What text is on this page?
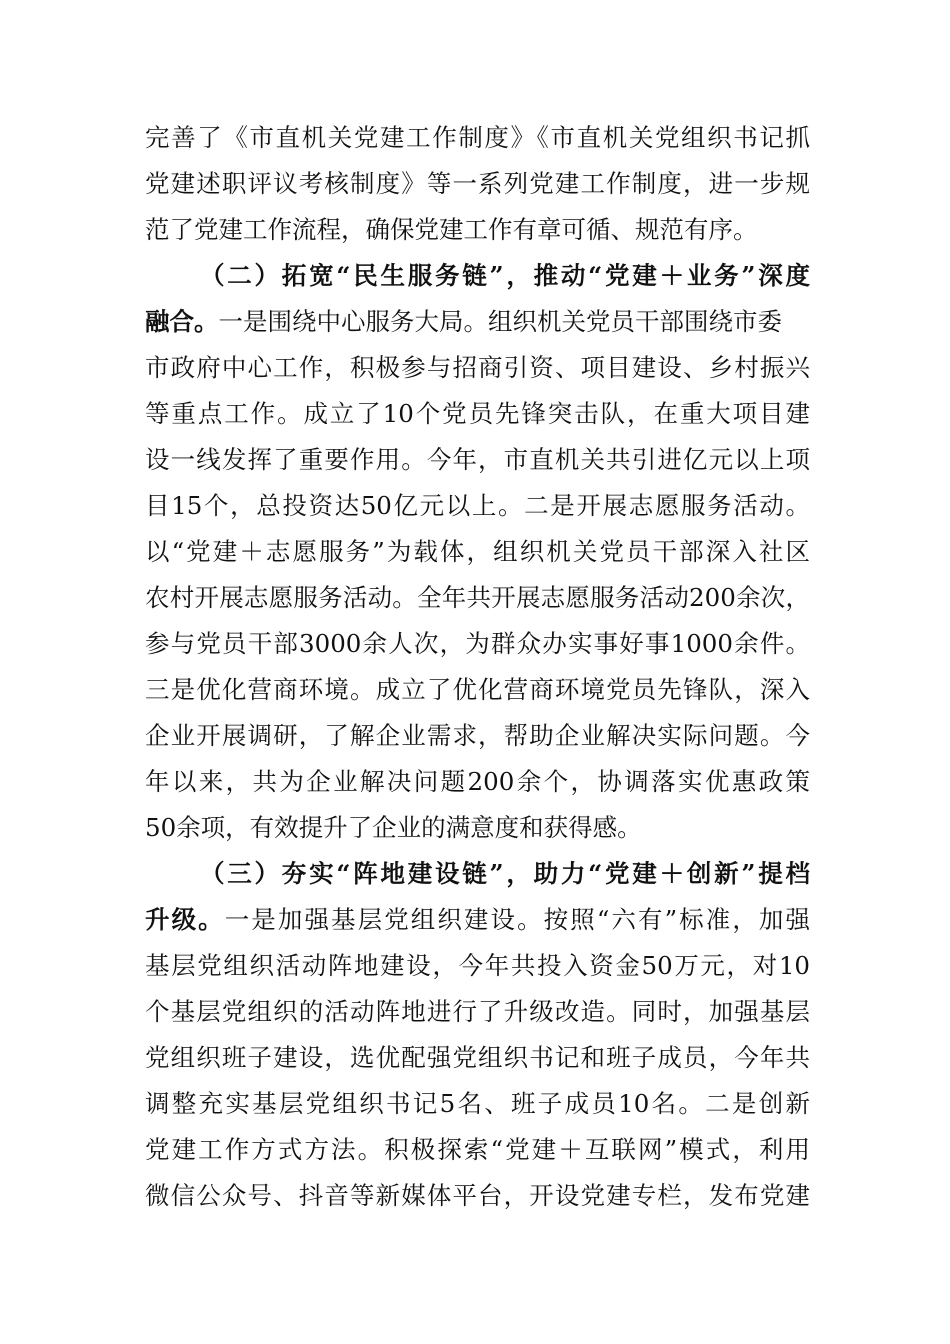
完善了《市直机关党建工作制度》《市直机关党组织书记抓
党建述职评议考核制度》等一系列党建工作制度，进一步规
范了党建工作流程，确保党建工作有章可循、规范有序。
（二）拓宽“民生服务链”，推动“党建＋业务”深度
融合。一是围绕中心服务大局。组织机关党员干部围绕市委
市政府中心工作，积极参与招商引资、项目建设、乡村振兴
等重点工作。成立了10个党员先锋突击队，在重大项目建
设一线发挥了重要作用。今年，市直机关共引进亿元以上项
目15个，总投资达50亿元以上。二是开展志愿服务活动。
以“党建＋志愿服务”为载体，组织机关党员干部深入社区
农村开展志愿服务活动。全年共开展志愿服务活动200余次，
参与党员干部3000余人次，为群众办实事好事1000余件。
三是优化营商环境。成立了优化营商环境党员先锋队，深入
企业开展调研，了解企业需求，帮助企业解决实际问题。今
年以来，共为企业解决问题200余个，协调落实优惠政策
50余项，有效提升了企业的满意度和获得感。
（三）夯实“阵地建设链”，助力“党建＋创新”提档
升级。一是加强基层党组织建设。按照“六有”标准，加强
基层党组织活动阵地建设，今年共投入资金50万元，对10
个基层党组织的活动阵地进行了升级改造。同时，加强基层
党组织班子建设，选优配强党组织书记和班子成员，今年共
调整充实基层党组织书记5名、班子成员10名。二是创新
党建工作方式方法。积极探索“党建＋互联网”模式，利用
微信公众号、抖音等新媒体平台，开设党建专栏，发布党建
